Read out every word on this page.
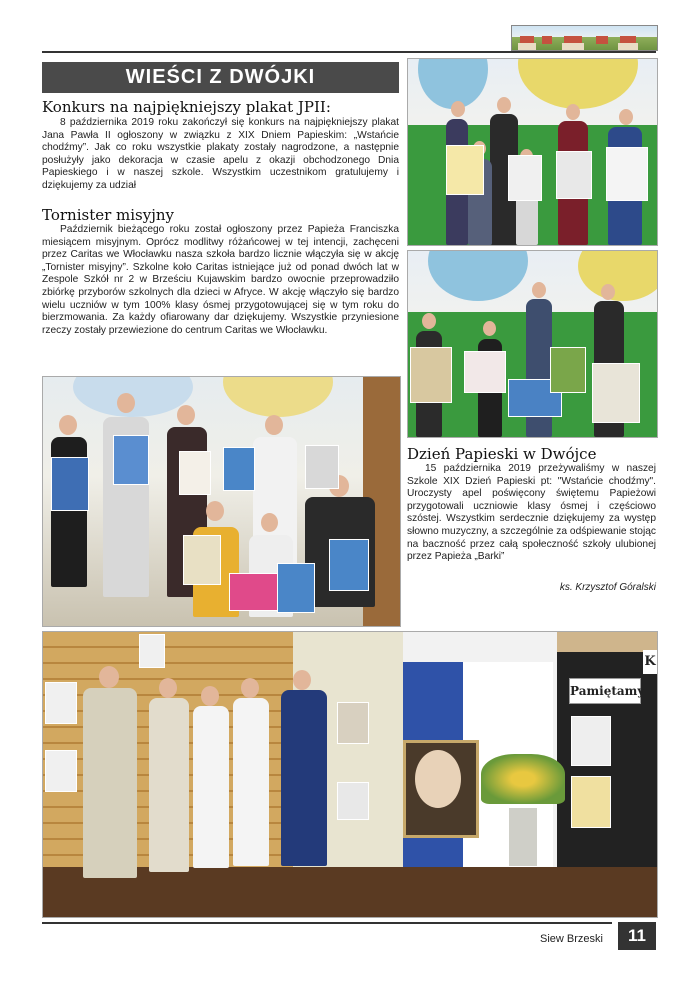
WIEŚCI Z DWÓJKI
Konkurs na najpiękniejszy plakat JPII:
8 października 2019 roku zakończył się konkurs na najpiękniejszy plakat Jana Pawła II ogłoszony w związku z XIX Dniem Papieskim: „Wstańcie chodźmy”. Jak co roku wszystkie plakaty zostały nagrodzone, a następnie posłużyły jako dekoracja w czasie apelu z okazji obchodzonego Dnia Papieskiego i w naszej szkole. Wszystkim uczestnikom gratulujemy i dziękujemy za udział
Tornister misyjny
Październik bieżącego roku został ogłoszony przez Papieża Franciszka miesiącem misyjnym. Oprócz modlitwy różańcowej w tej intencji, zachęceni przez Caritas we Włocławku nasza szkoła bardzo licznie włączyła się w akcję „Tornister misyjny”. Szkolne koło Caritas istniejące już od ponad dwóch lat w Zespole Szkół nr 2 w Brześciu Kujawskim bardzo owocnie przeprowadziło zbiórkę przyborów szkolnych dla dzieci w Afryce. W akcję włączyło się bardzo wielu uczniów w tym 100% klasy ósmej przygotowującej się w tym roku do bierzmowania. Za każdy ofiarowany dar dziękujemy. Wszystkie przyniesione rzeczy zostały przewiezione do centrum Caritas we Włocławku.
Dzień Papieski w Dwójce
15 października 2019 przeżywaliśmy w naszej Szkole XIX Dzień Papieski pt: "Wstańcie chodźmy". Uroczysty apel poświęcony świętemu Papieżowi przygotowali uczniowie klasy ósmej i częściowo szóstej. Wszystkim serdecznie dziękujemy za występ słowno muzyczny, a szczególnie za odśpiewanie stojąc na baczność przez całą społeczność szkoły ulubionej przez Papieża „Barki”
ks. Krzysztof Góralski
Pamiętamy
K
Siew Brzeski	11
